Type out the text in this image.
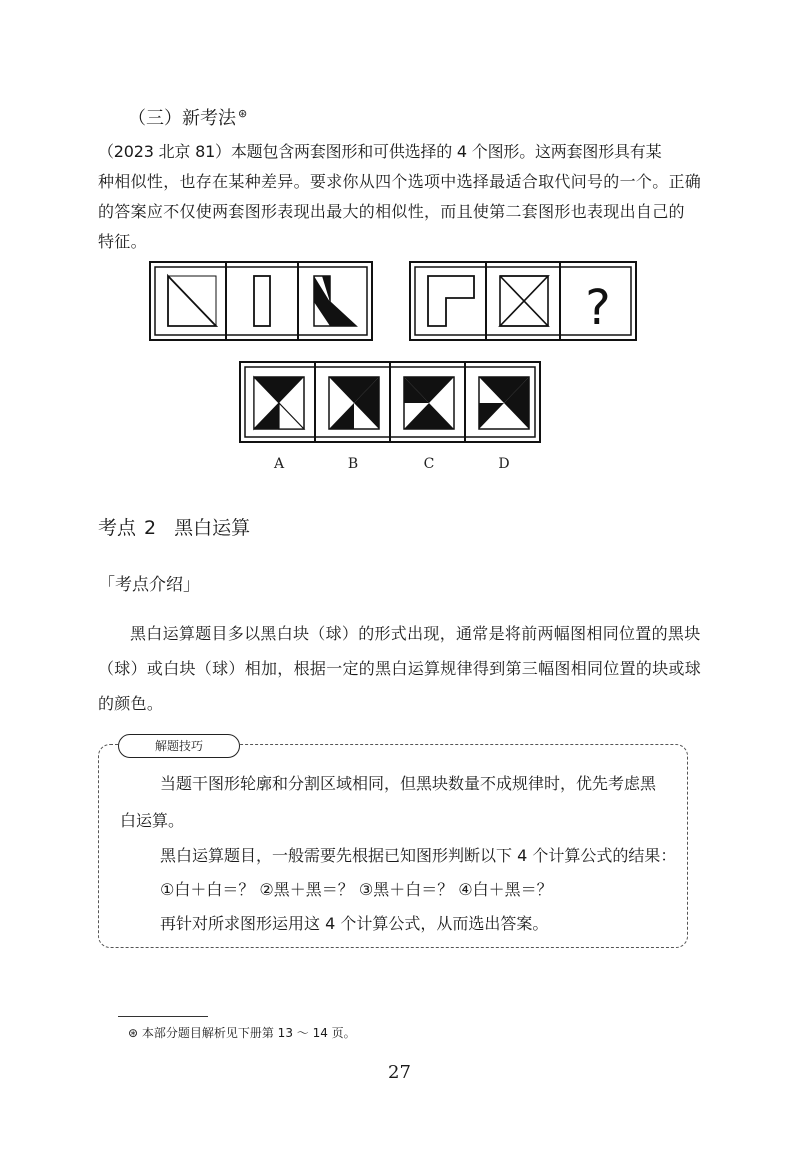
（三）新考法 ⊛
（2023 北京 81）本题包含两套图形和可供选择的 4 个图形。这两套图形具有某
种相似性，也存在某种差异。要求你从四个选项中选择最适合取代问号的一个。正确
的答案应不仅使两套图形表现出最大的相似性，而且使第二套图形也表现出自己的
特征。
?
A	B	C	D
考点 2 黑白运算
「考点介绍」
黑白运算题目多以黑白块（球）的形式出现，通常是将前两幅图相同位置的黑块（球）或白块（球）相加，根据一定的黑白运算规律得到第三幅图相同位置的块或球的颜色。
解题技巧
当题干图形轮廓和分割区域相同，但黑块数量不成规律时，优先考虑黑
白运算。
黑白运算题目，一般需要先根据已知图形判断以下 4 个计算公式的结果：
①白＋白＝？ ②黑＋黑＝？ ③黑＋白＝？ ④白＋黑＝？
再针对所求图形运用这 4 个计算公式，从而选出答案。
⊛ 本部分题目解析见下册第 13 ～ 14 页。
27
